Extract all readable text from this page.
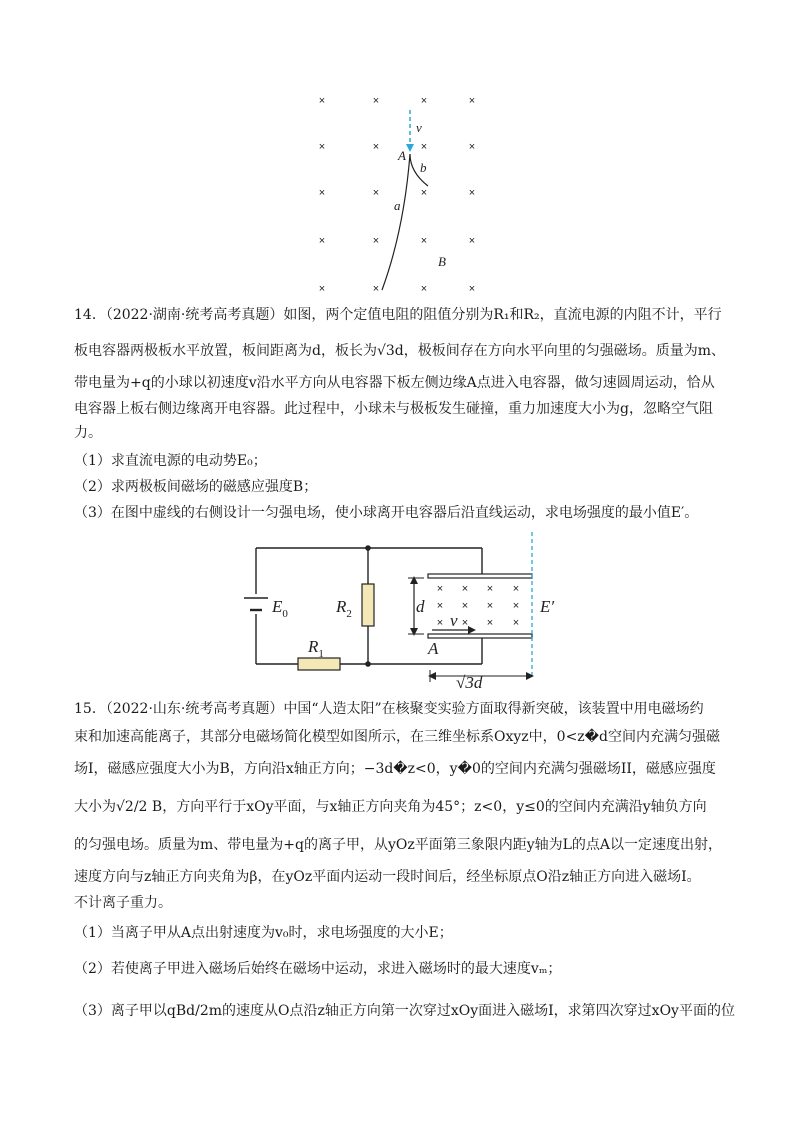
×	×	×	×
×	×	×	×
×	×	×	×
×	×	×	×
×	×	×	×
v
A
b
a
B
14．（2022·湖南·统考高考真题）如图，两个定值电阻的阻值分别为R₁和R₂，直流电源的内阻不计，平行
板电容器两极板水平放置，板间距离为d，板长为√3d，极板间存在方向水平向里的匀强磁场。质量为m、
带电量为+q的小球以初速度v沿水平方向从电容器下板左侧边缘A点进入电容器，做匀速圆周运动，恰从
电容器上板右侧边缘离开电容器。此过程中，小球未与极板发生碰撞，重力加速度大小为g，忽略空气阻
力。
（1）求直流电源的电动势E₀；
（2）求两极板间磁场的磁感应强度B；
（3）在图中虚线的右侧设计一匀强电场，使小球离开电容器后沿直线运动，求电场强度的最小值E′。
× × × ×
× × × ×
× × × ×
$E_0$	$R_2$
$R_1$
d
v
A
E′
√3d
15．（2022·山东·统考高考真题）中国“人造太阳”在核聚变实验方面取得新突破，该装置中用电磁场约
束和加速高能离子，其部分电磁场简化模型如图所示，在三维坐标系Oxyz中，0<z�d空间内充满匀强磁
场I，磁感应强度大小为B，方向沿x轴正方向；−3d�z<0，y�0的空间内充满匀强磁场II，磁感应强度
大小为√2/2 B，方向平行于xOy平面，与x轴正方向夹角为45°；z<0，y≤0的空间内充满沿y轴负方向
的匀强电场。质量为m、带电量为+q的离子甲，从yOz平面第三象限内距y轴为L的点A以一定速度出射，
速度方向与z轴正方向夹角为β，在yOz平面内运动一段时间后，经坐标原点O沿z轴正方向进入磁场I。
不计离子重力。
（1）当离子甲从A点出射速度为v₀时，求电场强度的大小E；
（2）若使离子甲进入磁场后始终在磁场中运动，求进入磁场时的最大速度vₘ；
（3）离子甲以qBd/2m的速度从O点沿z轴正方向第一次穿过xOy面进入磁场I，求第四次穿过xOy平面的位
